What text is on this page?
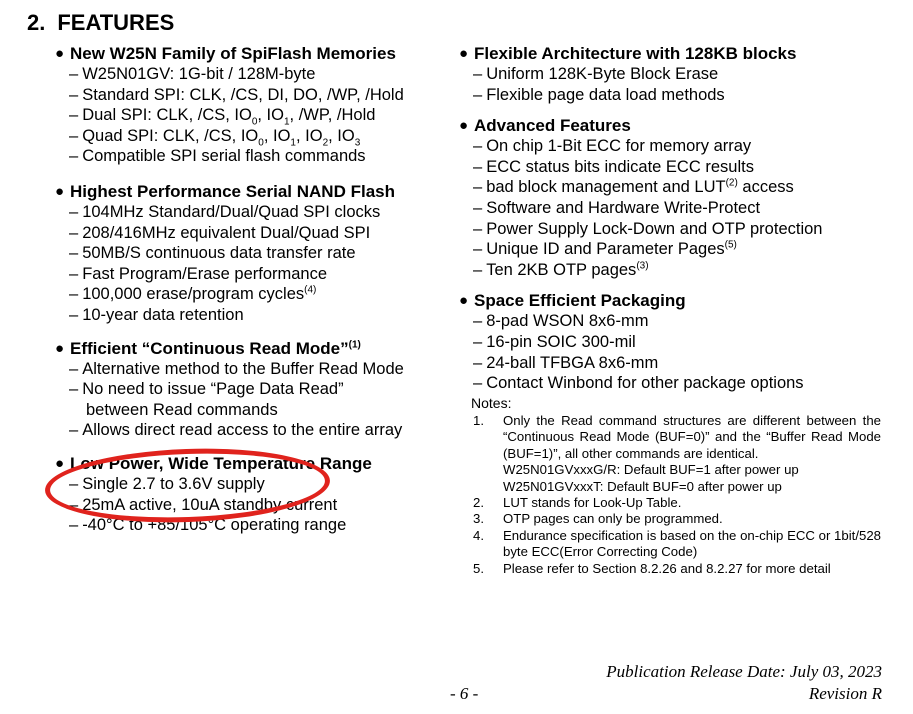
2. FEATURES
● New W25N Family of SpiFlash Memories
– W25N01GV: 1G-bit / 128M-byte
– Standard SPI: CLK, /CS, DI, DO, /WP, /Hold
– Dual SPI: CLK, /CS, $IO_0$, $IO_1$, /WP, /Hold
– Quad SPI: CLK, /CS, $IO_0$, $IO_1$, $IO_2$, $IO_3$
– Compatible SPI serial flash commands
● Highest Performance Serial NAND Flash
– 104MHz Standard/Dual/Quad SPI clocks
– 208/416MHz equivalent Dual/Quad SPI
– 50MB/S continuous data transfer rate
– Fast Program/Erase performance
– 100,000 erase/program cycles$^{(4)}$
– 10-year data retention
● Efficient “Continuous Read Mode”$^{(1)}$
– Alternative method to the Buffer Read Mode
– No need to issue “Page Data Read”
between Read commands
– Allows direct read access to the entire array
● Low Power, Wide Temperature Range
– Single 2.7 to 3.6V supply
– 25mA active, 10uA standby current
– -40°C to +85/105°C operating range
● Flexible Architecture with 128KB blocks
– Uniform 128K-Byte Block Erase
– Flexible page data load methods
● Advanced Features
– On chip 1-Bit ECC for memory array
– ECC status bits indicate ECC results
– bad block management and LUT$^{(2)}$ access
– Software and Hardware Write-Protect
– Power Supply Lock-Down and OTP protection
– Unique ID and Parameter Pages$^{(5)}$
– Ten 2KB OTP pages$^{(3)}$
● Space Efficient Packaging
– 8-pad WSON 8x6-mm
– 16-pin SOIC 300-mil
– 24-ball TFBGA 8x6-mm
– Contact Winbond for other package options
Notes:
1. Only the Read command structures are different between the “Continuous Read Mode (BUF=0)” and the “Buffer Read Mode (BUF=1)”, all other commands are identical.
W25N01GVxxxG/R: Default BUF=1 after power up
W25N01GVxxxT: Default BUF=0 after power up
2. LUT stands for Look-Up Table.
3. OTP pages can only be programmed.
4. Endurance specification is based on the on-chip ECC or 1bit/528 byte ECC(Error Correcting Code)
5. Please refer to Section 8.2.26 and 8.2.27 for more detail
Publication Release Date: July 03, 2023
- 6 -	Revision R
